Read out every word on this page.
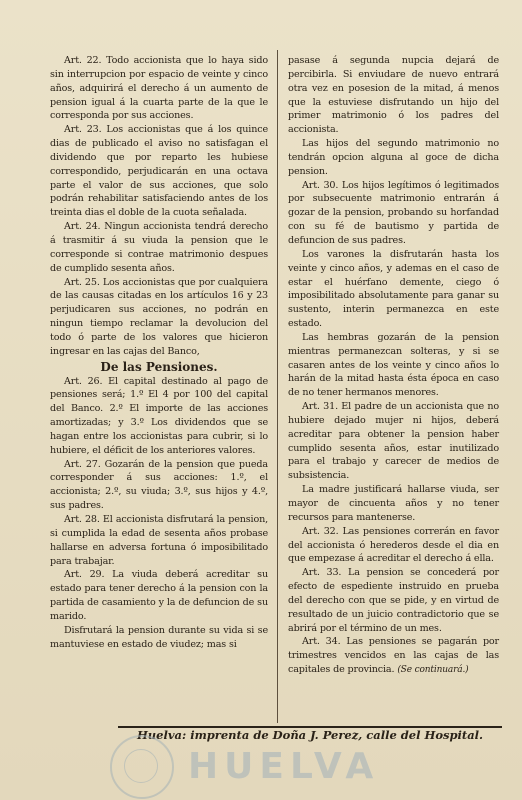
Art. 22. Todo accionista que lo haya sido sin interrupcion por espacio de veinte y cinco años, adquirirá el derecho á un aumento de pension igual á la cuarta parte de la que le corresponda por sus acciones.

Art. 23. Los accionistas que á los quince dias de publicado el aviso no satisfagan el dividendo que por reparto les hubiese correspondido, perjudicarán en una octava parte el valor de sus acciones, que solo podrán rehabilitar satisfaciendo antes de los treinta dias el doble de la cuota señalada.

Art. 24. Ningun accionista tendrá derecho á trasmitir á su viuda la pension que le corresponde si contrae matrimonio despues de cumplido sesenta años.

Art. 25. Los accionistas que por cualquiera de las causas citadas en los artículos 16 y 23 perjudicaren sus acciones, no podrán en ningun tiempo reclamar la devolucion del todo ó parte de los valores que hicieron ingresar en las cajas del Banco,

De las Pensiones.

Art. 26. El capital destinado al pago de pensiones será; 1.º El 4 por 100 del capital del Banco. 2.º El importe de las acciones amortizadas; y 3.º Los dividendos que se hagan entre los accionistas para cubrir, si lo hubiere, el déficit de los anteriores valores.

Art. 27. Gozarán de la pension que pueda corresponder á sus acciones: 1.º, el accionista; 2.º, su viuda; 3.º, sus hijos y 4.º, sus padres.

Art. 28. El accionista disfrutará la pension, si cumplida la edad de sesenta años probase hallarse en adversa fortuna ó imposibilitado para trabajar.

Art. 29. La viuda deberá acreditar su estado para tener derecho á la pension con la partida de casamiento y la de defuncion de su marido.

Disfrutará la pension durante su vida si se mantuviese en estado de viudez; mas si

pasase á segunda nupcia dejará de percibirla. Si enviudare de nuevo entrará otra vez en posesion de la mitad, á menos que la estuviese disfrutando un hijo del primer matrimonio ó los padres del accionista.

Las hijos del segundo matrimonio no tendrán opcion alguna al goce de dicha pension.

Art. 30. Los hijos legítimos ó legitimados por subsecuente matrimonio entrarán á gozar de la pension, probando su horfandad con su fé de bautismo y partida de defuncion de sus padres.

Los varones la disfrutarán hasta los veinte y cinco años, y ademas en el caso de estar el huérfano demente, ciego ó imposibilitado absolutamente para ganar su sustento, interin permanezca en este estado.

Las hembras gozarán de la pension mientras permanezcan solteras, y si se casaren antes de los veinte y cinco años lo harán de la mitad hasta ésta época en caso de no tener hermanos menores.

Art. 31. El padre de un accionista que no hubiere dejado mujer ni hijos, deberá acreditar para obtener la pension haber cumplido sesenta años, estar inutilizado para el trabajo y carecer de medios de subsistencia.

La madre justificará hallarse viuda, ser mayor de cincuenta años y no tener recursos para mantenerse.

Art. 32. Las pensiones correrán en favor del accionista ó herederos desde el dia en que empezase á acreditar el derecho á ella.

Art. 33. La pension se concederá por efecto de espediente instruido en prueba del derecho con que se pide, y en virtud de resultado de un juicio contradictorio que se abrirá por el término de un mes.

Art. 34. Las pensiones se pagarán por trimestres vencidos en las cajas de las capitales de provincia. (Se continuará.)

Huelva: imprenta de Doña J. Perez, calle del Hospital.
HUELVA
